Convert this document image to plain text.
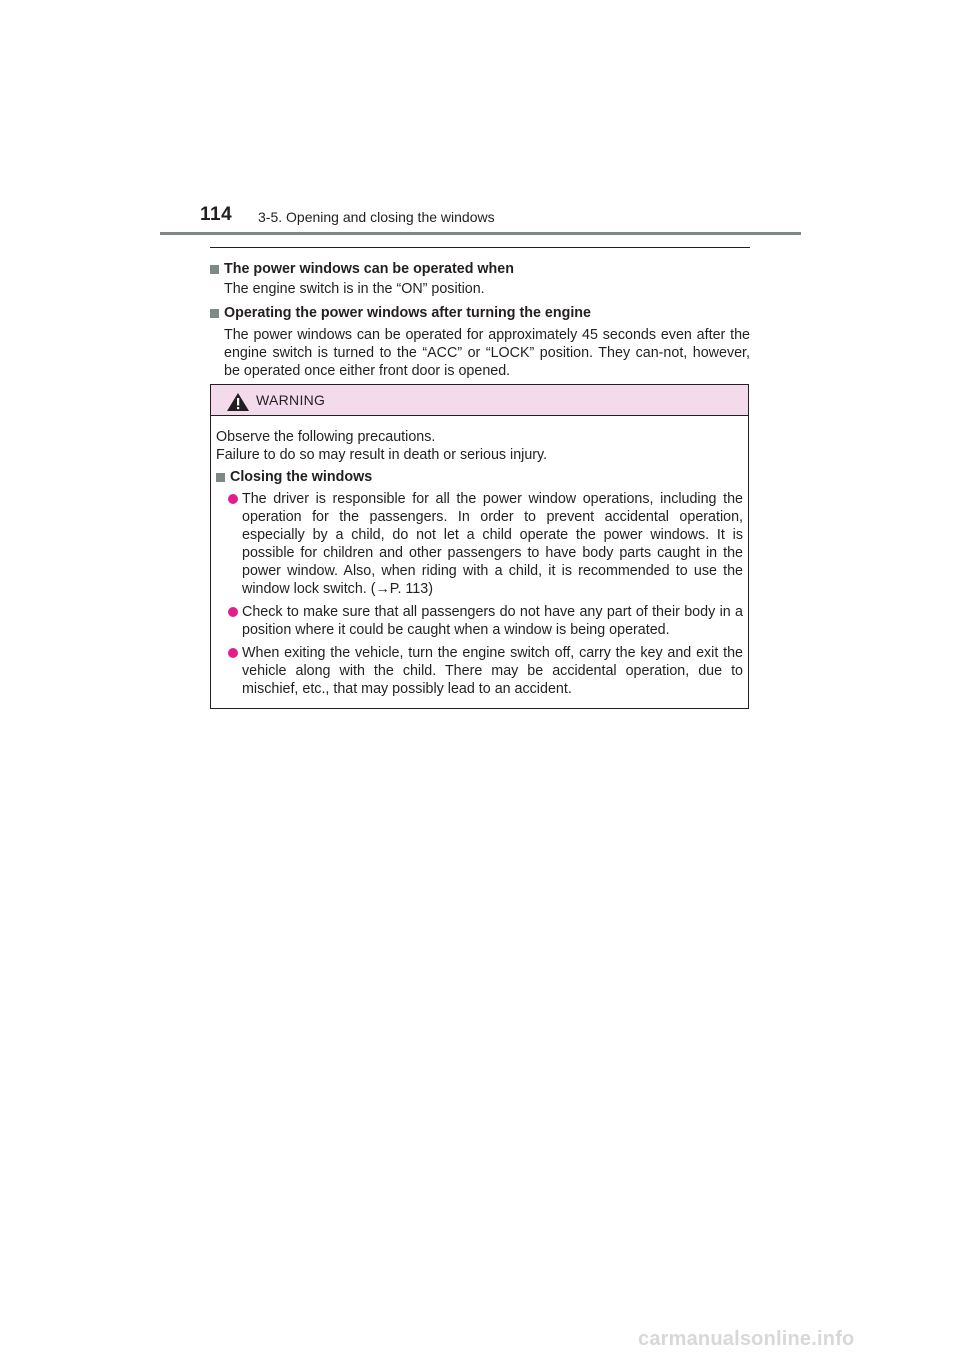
114 3-5. Opening and closing the windows
The power windows can be operated when

The engine switch is in the “ON” position.

Operating the power windows after turning the engine

The power windows can be operated for approximately 45 seconds even after the engine switch is turned to the “ACC” or “LOCK” position. They can-not, however, be operated once either front door is opened.

WARNING

Observe the following precautions.

Failure to do so may result in death or serious injury.

Closing the windows
The driver is responsible for all the power window operations, including the operation for the passengers. In order to prevent accidental operation, especially by a child, do not let a child operate the power windows. It is possible for children and other passengers to have body parts caught in the power window. Also, when riding with a child, it is recommended to use the window lock switch. (→P. 113)
Check to make sure that all passengers do not have any part of their body in a position where it could be caught when a window is being operated.
When exiting the vehicle, turn the engine switch off, carry the key and exit the vehicle along with the child. There may be accidental operation, due to mischief, etc., that may possibly lead to an accident.
carmanualsonline.info
